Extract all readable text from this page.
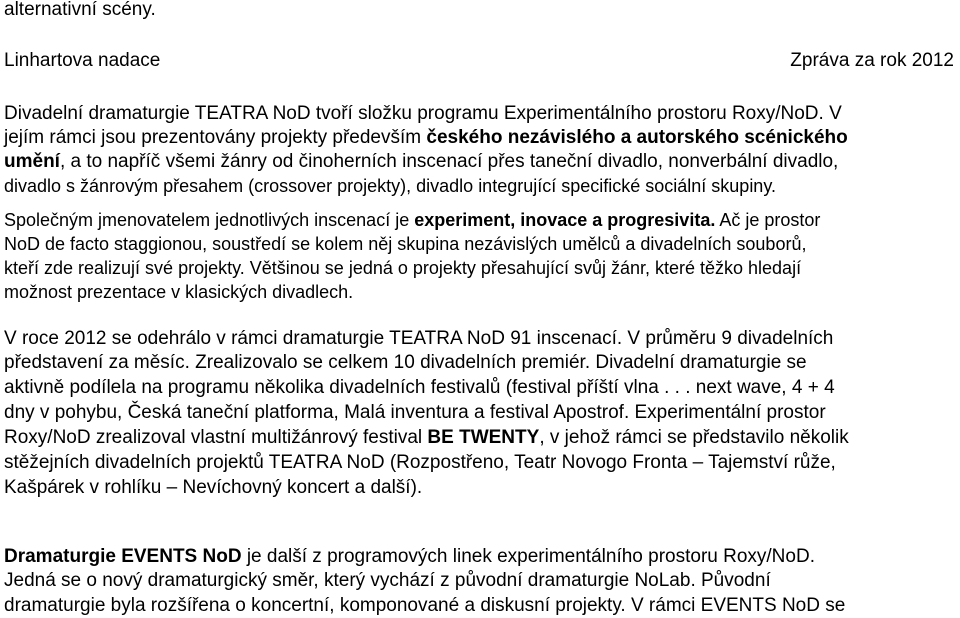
alternativní scény.
Linhartova nadace	Zpráva za rok 2012
Divadelní dramaturgie TEATRA NoD tvoří složku programu Experimentálního prostoru Roxy/NoD. V
jejím rámci jsou prezentovány projekty především českého nezávislého a autorského scénického
umění, a to napříč všemi žánry od činoherních inscenací přes taneční divadlo, nonverbální divadlo,
divadlo s žánrovým přesahem (crossover projekty), divadlo integrující specifické sociální skupiny.
Společným jmenovatelem jednotlivých inscenací je experiment, inovace a progresivita. Ač je prostor
NoD de facto staggionou, soustředí se kolem něj skupina nezávislých umělců a divadelních souborů,
kteří zde realizují své projekty. Většinou se jedná o projekty přesahující svůj žánr, které těžko hledají
možnost prezentace v klasických divadlech.
V roce 2012 se odehrálo v rámci dramaturgie TEATRA NoD 91 inscenací. V průměru 9 divadelních
představení za měsíc. Zrealizovalo se celkem 10 divadelních premiér. Divadelní dramaturgie se
aktivně podílela na programu několika divadelních festivalů (festival příští vlna . . . next wave, 4 + 4
dny v pohybu, Česká taneční platforma, Malá inventura a festival Apostrof. Experimentální prostor
Roxy/NoD zrealizoval vlastní multižánrový festival BE TWENTY, v jehož rámci se představilo několik
stěžejních divadelních projektů TEATRA NoD (Rozpostřeno, Teatr Novogo Fronta – Tajemství růže,
Kašpárek v rohlíku – Nevíchovný koncert a další).
Dramaturgie EVENTS NoD je další z programových linek experimentálního prostoru Roxy/NoD.
Jedná se o nový dramaturgický směr, který vychází z původní dramaturgie NoLab. Původní
dramaturgie byla rozšířena o koncertní, komponované a diskusní projekty. V rámci EVENTS NoD se
